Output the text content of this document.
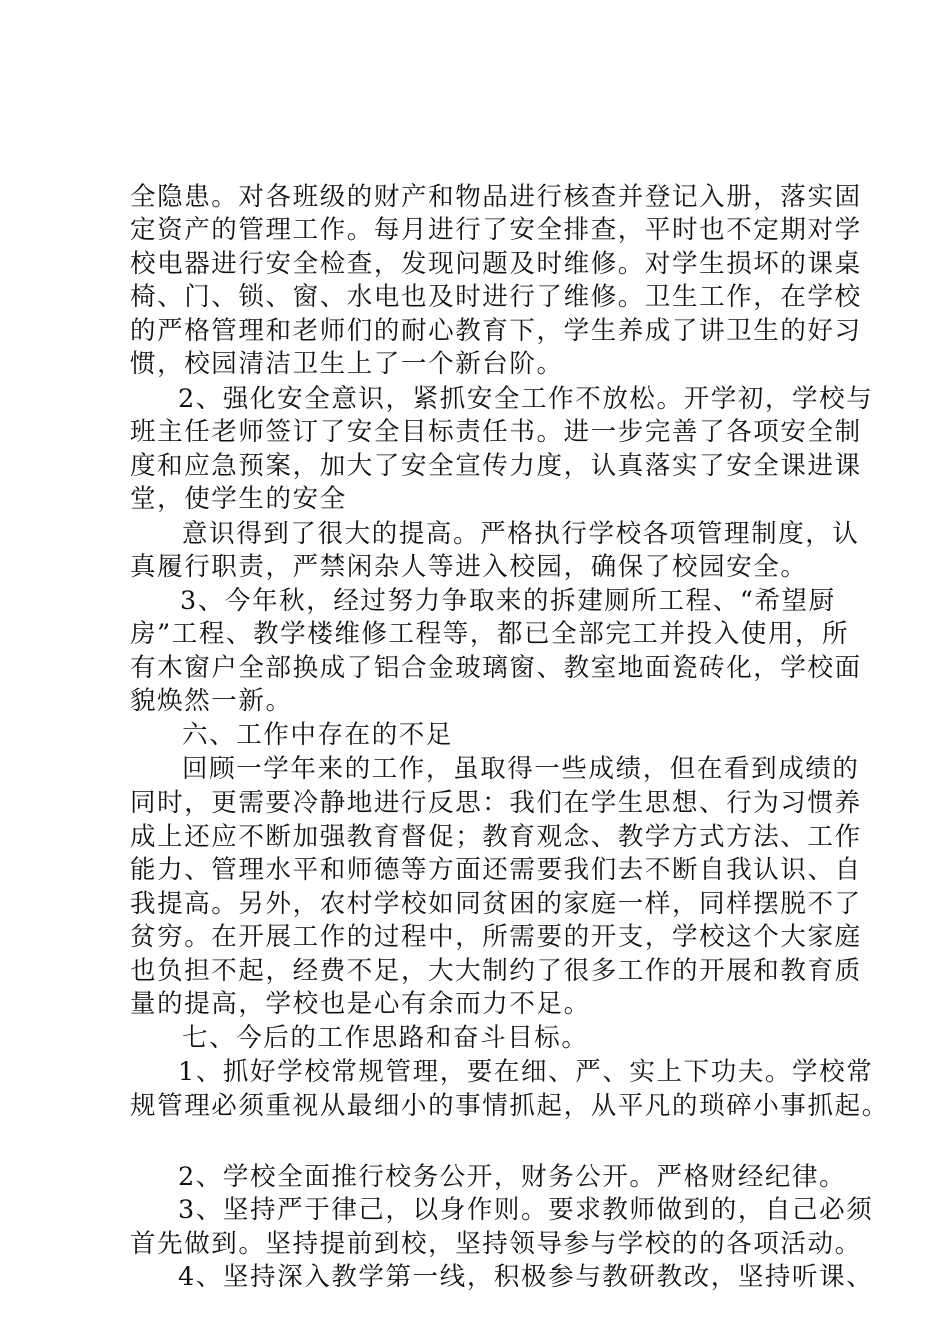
全隐患。对各班级的财产和物品进行核查并登记入册，落实固
定资产的管理工作。每月进行了安全排查，平时也不定期对学
校电器进行安全检查，发现问题及时维修。对学生损坏的课桌
椅、门、锁、窗、水电也及时进行了维修。卫生工作，在学校
的严格管理和老师们的耐心教育下，学生养成了讲卫生的好习
惯，校园清洁卫生上了一个新台阶。
2、强化安全意识，紧抓安全工作不放松。开学初，学校与
班主任老师签订了安全目标责任书。进一步完善了各项安全制
度和应急预案，加大了安全宣传力度，认真落实了安全课进课
堂，使学生的安全
意识得到了很大的提高。严格执行学校各项管理制度，认
真履行职责，严禁闲杂人等进入校园，确保了校园安全。
3、今年秋，经过努力争取来的拆建厕所工程、“希望厨
房”工程、教学楼维修工程等，都已全部完工并投入使用，所
有木窗户全部换成了铝合金玻璃窗、教室地面瓷砖化，学校面
貌焕然一新。
六、工作中存在的不足
回顾一学年来的工作，虽取得一些成绩，但在看到成绩的
同时，更需要冷静地进行反思：我们在学生思想、行为习惯养
成上还应不断加强教育督促；教育观念、教学方式方法、工作
能力、管理水平和师德等方面还需要我们去不断自我认识、自
我提高。另外，农村学校如同贫困的家庭一样，同样摆脱不了
贫穷。在开展工作的过程中，所需要的开支，学校这个大家庭
也负担不起，经费不足，大大制约了很多工作的开展和教育质
量的提高，学校也是心有余而力不足。
七、今后的工作思路和奋斗目标。
1、抓好学校常规管理，要在细、严、实上下功夫。学校常
规管理必须重视从最细小的事情抓起，从平凡的琐碎小事抓起。
2、学校全面推行校务公开，财务公开。严格财经纪律。
3、坚持严于律己，以身作则。要求教师做到的，自己必须
首先做到。坚持提前到校，坚持领导参与学校的的各项活动。
4、坚持深入教学第一线，积极参与教研教改，坚持听课、
